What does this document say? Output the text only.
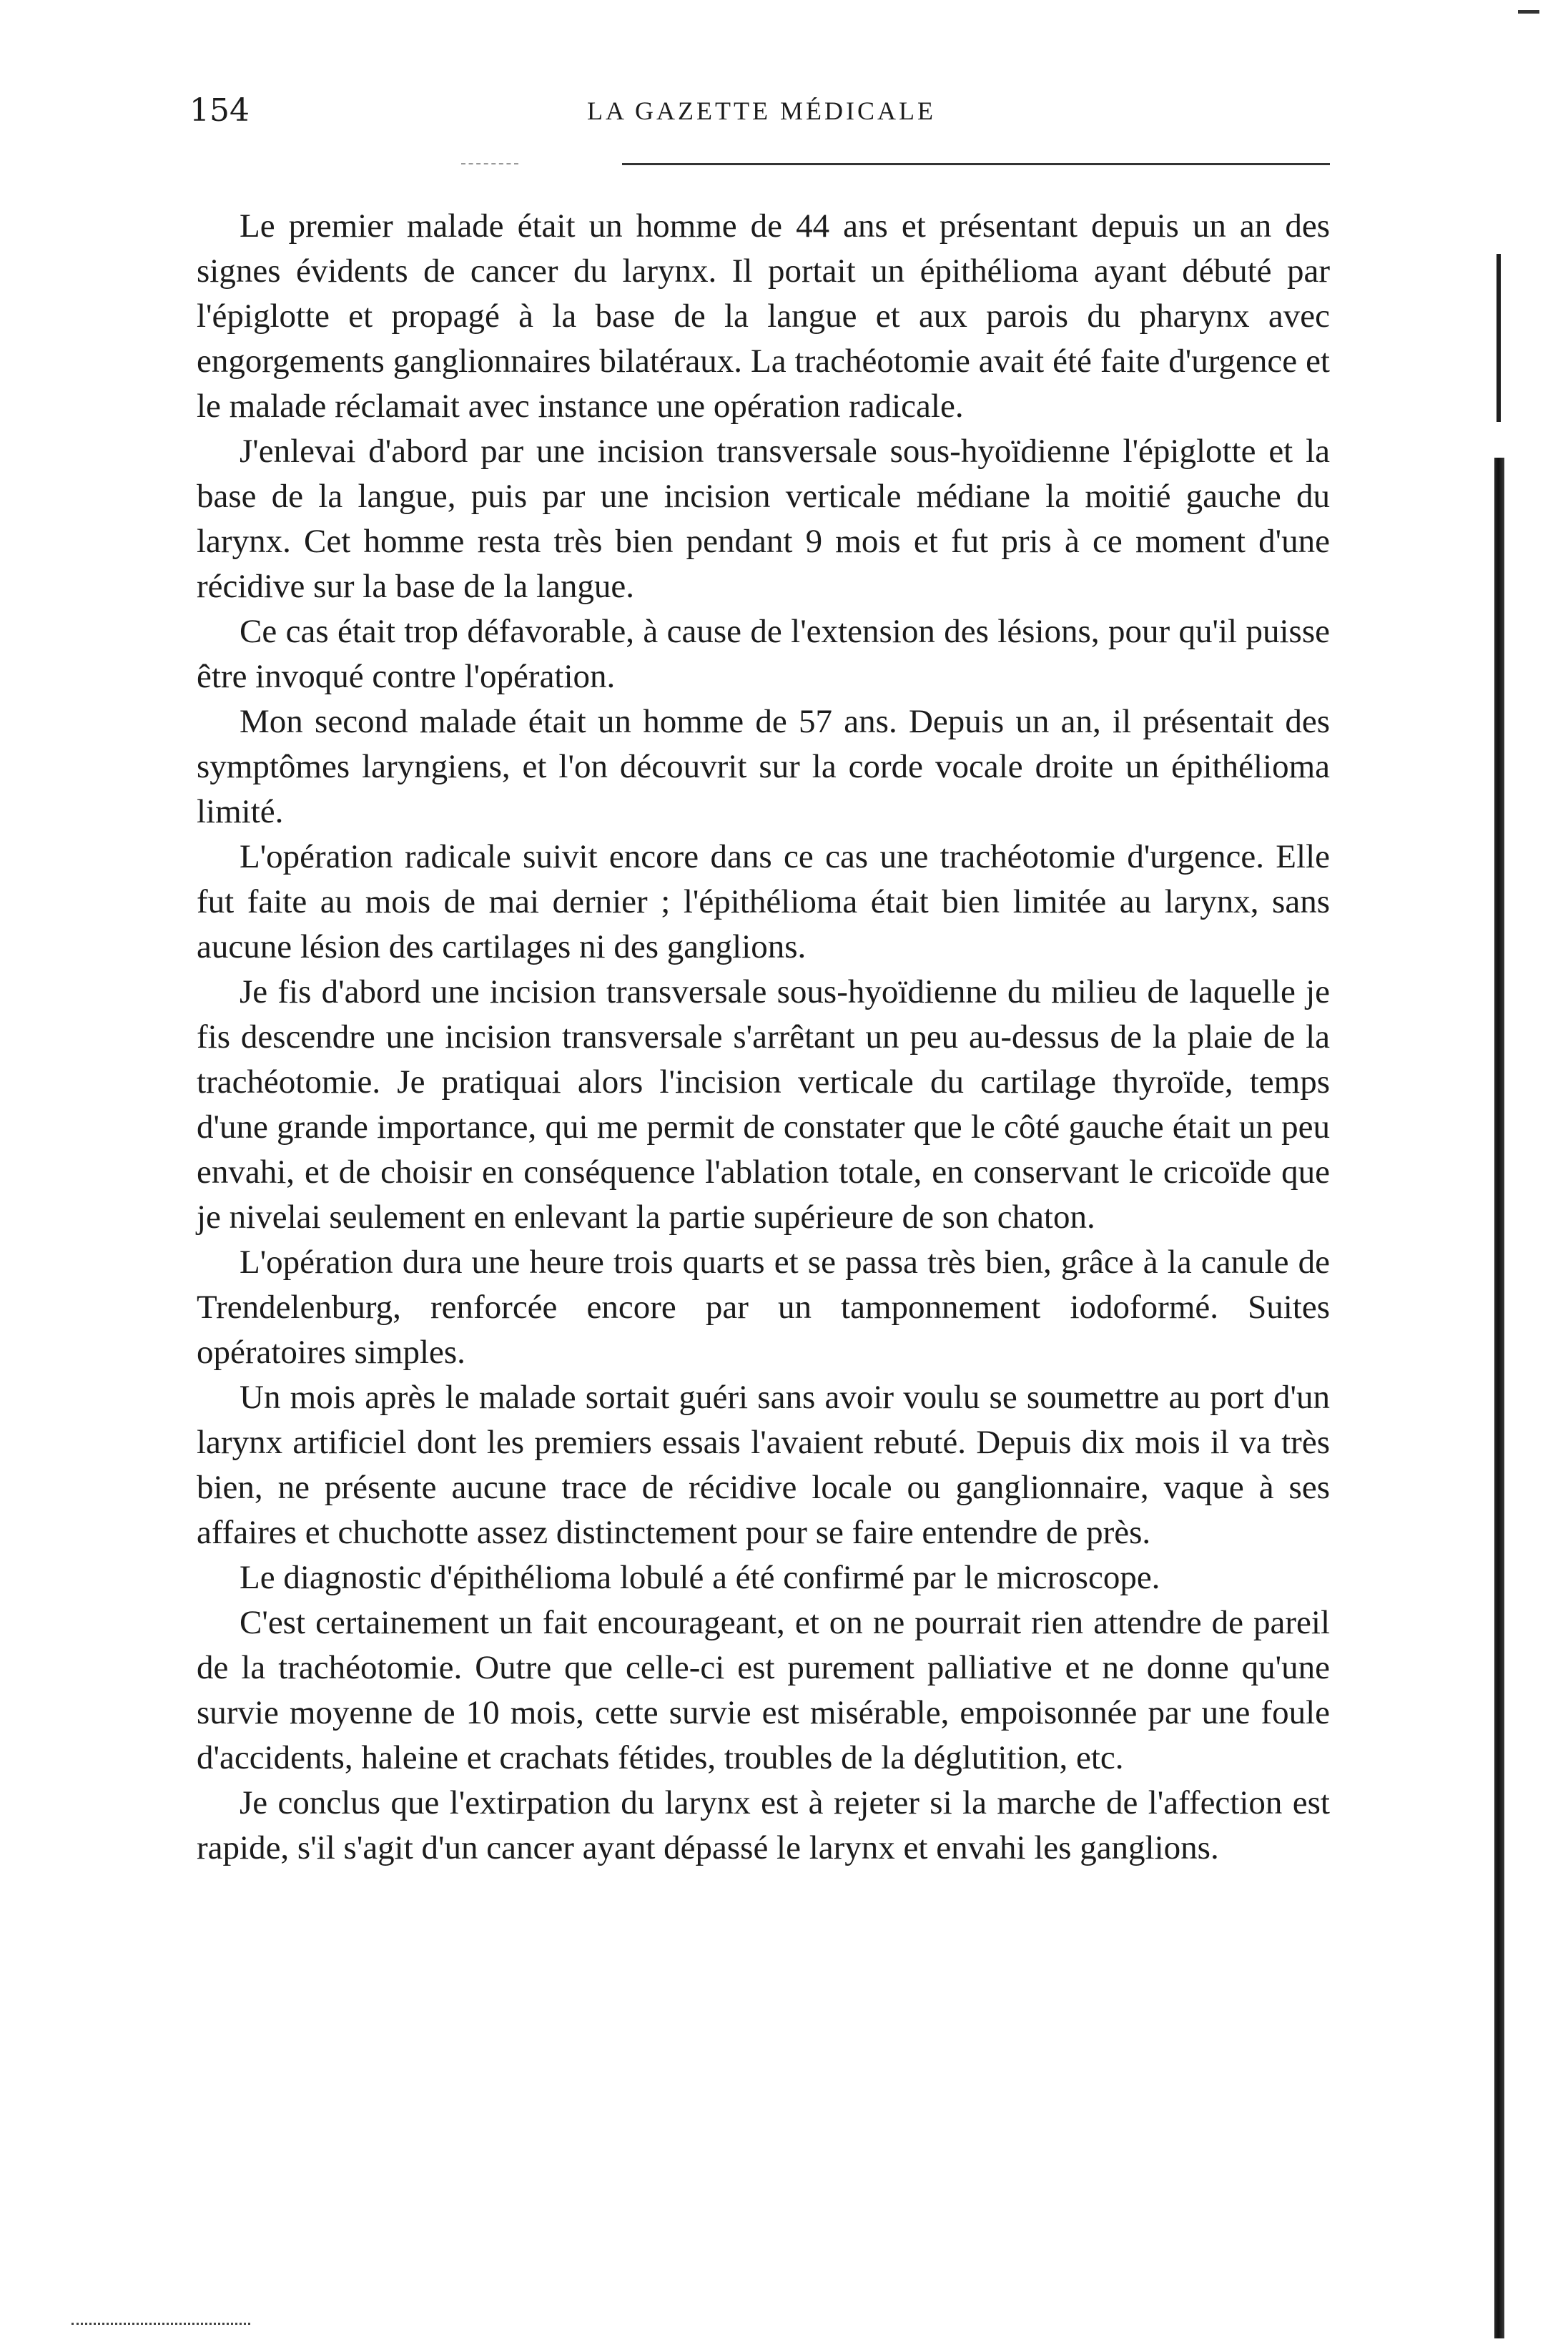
154	LA GAZETTE MÉDICALE

Le premier malade était un homme de 44 ans et présentant depuis un an des signes évidents de cancer du larynx. Il portait un épithélioma ayant débuté par l'épiglotte et propagé à la base de la langue et aux parois du pharynx avec engorgements ganglionnaires bilatéraux. La trachéotomie avait été faite d'urgence et le malade réclamait avec instance une opération radicale.

J'enlevai d'abord par une incision transversale sous-hyoïdienne l'épiglotte et la base de la langue, puis par une incision verticale médiane la moitié gauche du larynx. Cet homme resta très bien pendant 9 mois et fut pris à ce moment d'une récidive sur la base de la langue.

Ce cas était trop défavorable, à cause de l'extension des lésions, pour qu'il puisse être invoqué contre l'opération.

Mon second malade était un homme de 57 ans. Depuis un an, il présentait des symptômes laryngiens, et l'on découvrit sur la corde vocale droite un épithélioma limité.

L'opération radicale suivit encore dans ce cas une trachéotomie d'urgence. Elle fut faite au mois de mai dernier ; l'épithélioma était bien limitée au larynx, sans aucune lésion des cartilages ni des ganglions.

Je fis d'abord une incision transversale sous-hyoïdienne du milieu de laquelle je fis descendre une incision transversale s'arrêtant un peu au-dessus de la plaie de la trachéotomie. Je pratiquai alors l'incision verticale du cartilage thyroïde, temps d'une grande importance, qui me permit de constater que le côté gauche était un peu envahi, et de choisir en conséquence l'ablation totale, en conservant le cricoïde que je nivelai seulement en enlevant la partie supérieure de son chaton.

L'opération dura une heure trois quarts et se passa très bien, grâce à la canule de Trendelenburg, renforcée encore par un tamponnement iodoformé. Suites opératoires simples.

Un mois après le malade sortait guéri sans avoir voulu se soumettre au port d'un larynx artificiel dont les premiers essais l'avaient rebuté. Depuis dix mois il va très bien, ne présente aucune trace de récidive locale ou ganglionnaire, vaque à ses affaires et chuchotte assez distinctement pour se faire entendre de près.

Le diagnostic d'épithélioma lobulé a été confirmé par le microscope.

C'est certainement un fait encourageant, et on ne pourrait rien attendre de pareil de la trachéotomie. Outre que celle-ci est purement palliative et ne donne qu'une survie moyenne de 10 mois, cette survie est misérable, empoisonnée par une foule d'accidents, haleine et crachats fétides, troubles de la déglutition, etc.

Je conclus que l'extirpation du larynx est à rejeter si la marche de l'affection est rapide, s'il s'agit d'un cancer ayant dépassé le larynx et envahi les ganglions.
